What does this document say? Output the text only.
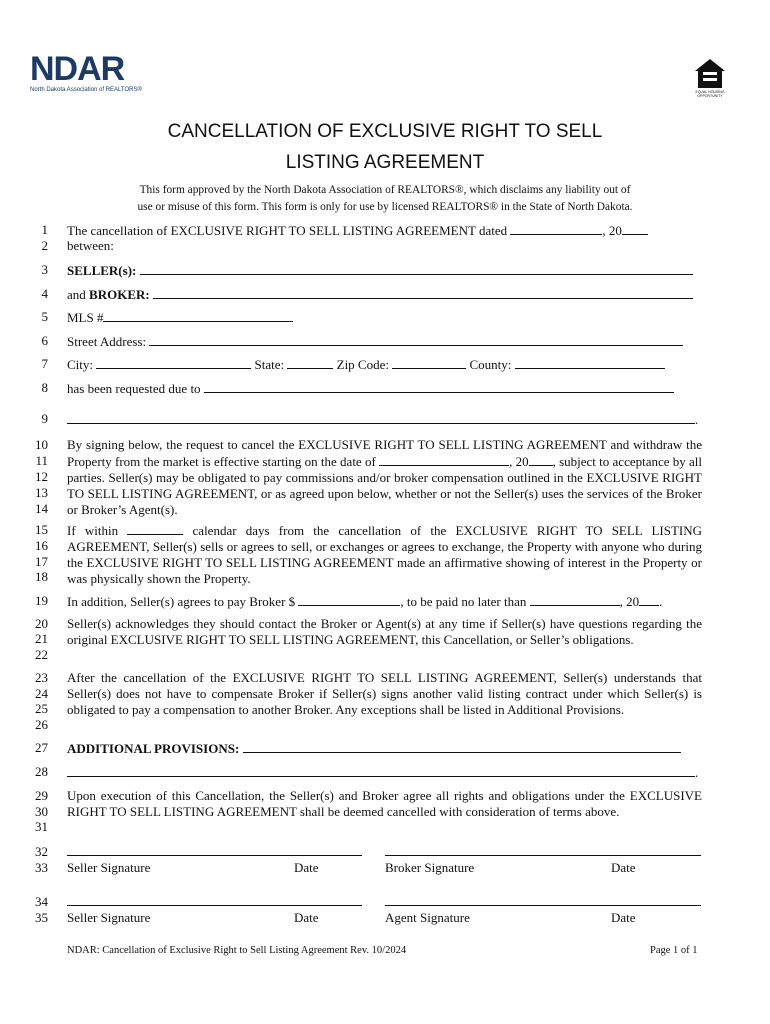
NDAR
North Dakota Association of REALTORS®	EQUAL HOUSING OPPORTUNITY
CANCELLATION OF EXCLUSIVE RIGHT TO SELL
LISTING AGREEMENT
This form approved by the North Dakota Association of REALTORS®, which disclaims any liability out of
use or misuse of this form. This form is only for use by licensed REALTORS® in the State of North Dakota.
1
2
3
4
5
6
7
8
9
10
11
12
13
14
15
16
17
18
19
20
21
22
23
24
25
26
27
28
29
30
31
32
33
34
35
The cancellation of EXCLUSIVE RIGHT TO SELL LISTING AGREEMENT dated	, 20
between:
SELLER(s):
and BROKER:
MLS #
Street Address:
City:	State:	Zip Code:	County:
has been requested due to
.
By signing below, the request to cancel the EXCLUSIVE RIGHT TO SELL LISTING AGREEMENT and withdraw the Property from the market is effective starting on the date of	, 20 , subject to acceptance by all parties. Seller(s) may be obligated to pay commissions and/or broker compensation outlined in the EXCLUSIVE RIGHT TO SELL LISTING AGREEMENT, or as agreed upon below, whether or not the Seller(s) uses the services of the Broker or Broker’s Agent(s).
If within	calendar days from the cancellation of the EXCLUSIVE RIGHT TO SELL LISTING AGREEMENT, Seller(s) sells or agrees to sell, or exchanges or agrees to exchange, the Property with anyone who during the EXCLUSIVE RIGHT TO SELL LISTING AGREEMENT made an affirmative showing of interest in the Property or was physically shown the Property.
In addition, Seller(s) agrees to pay Broker $	, to be paid no later than	, 20 .
Seller(s) acknowledges they should contact the Broker or Agent(s) at any time if Seller(s) have questions regarding the original EXCLUSIVE RIGHT TO SELL LISTING AGREEMENT, this Cancellation, or Seller’s obligations.
After the cancellation of the EXCLUSIVE RIGHT TO SELL LISTING AGREEMENT, Seller(s) understands that Seller(s) does not have to compensate Broker if Seller(s) signs another valid listing contract under which Seller(s) is obligated to pay a compensation to another Broker. Any exceptions shall be listed in Additional Provisions.
ADDITIONAL PROVISIONS:
.
Upon execution of this Cancellation, the Seller(s) and Broker agree all rights and obligations under the EXCLUSIVE RIGHT TO SELL LISTING AGREEMENT shall be deemed cancelled with consideration of terms above.
Seller Signature	Date	Broker Signature	Date
Seller Signature	Date	Agent Signature	Date
NDAR: Cancellation of Exclusive Right to Sell Listing Agreement Rev. 10/2024	Page 1 of 1
